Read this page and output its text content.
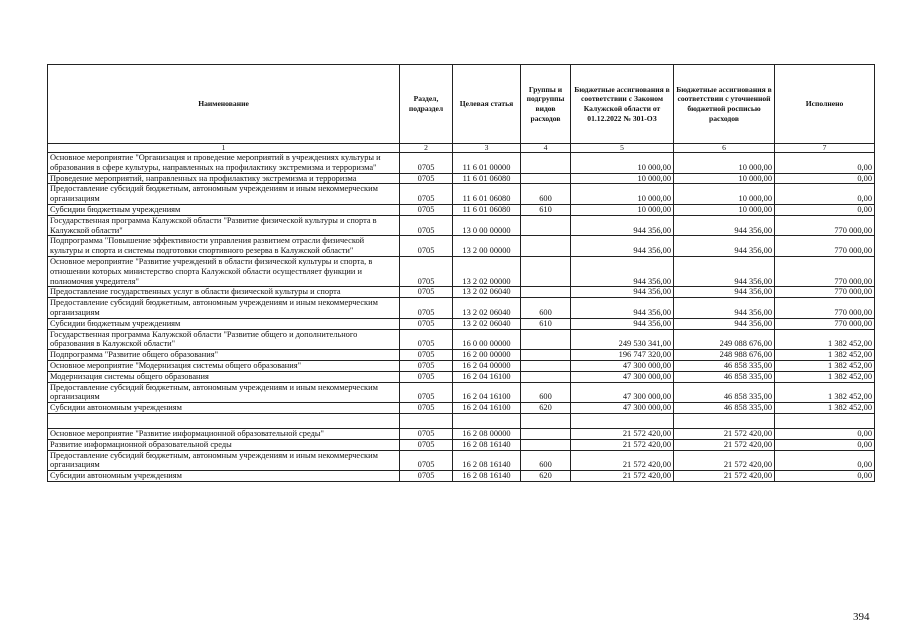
Наименование	Раздел, подраздел	Целевая статья	Группы и подгруппы видов расходов	Бюджетные ассигнования в соответствии с Законом Калужской области от 01.12.2022 № 301-ОЗ	Бюджетные ассигнования в соответствии с уточненной бюджетной росписью расходов	Исполнено
1	2	3	4	5	6	7
Основное мероприятие "Организация и проведение мероприятий в учреждениях культуры и образования в сфере культуры, направленных на профилактику экстремизма и терроризма"	0705	11 6 01 00000		10 000,00	10 000,00	0,00
Проведение мероприятий, направленных на профилактику экстремизма и терроризма	0705	11 6 01 06080		10 000,00	10 000,00	0,00
Предоставление субсидий бюджетным, автономным учреждениям и иным некоммерческим организациям	0705	11 6 01 06080	600	10 000,00	10 000,00	0,00
Субсидии бюджетным учреждениям	0705	11 6 01 06080	610	10 000,00	10 000,00	0,00
Государственная программа Калужской области "Развитие физической культуры и спорта в Калужской области"	0705	13 0 00 00000		944 356,00	944 356,00	770 000,00
Подпрограмма "Повышение эффективности управления развитием отрасли физической культуры и спорта и системы подготовки спортивного резерва в Калужской области"	0705	13 2 00 00000		944 356,00	944 356,00	770 000,00
Основное мероприятие "Развитие учреждений в области физической культуры и спорта, в отношении которых министерство спорта Калужской области осуществляет функции и полномочия учредителя"	0705	13 2 02 00000		944 356,00	944 356,00	770 000,00
Предоставление государственных услуг в области физической культуры и спорта	0705	13 2 02 06040		944 356,00	944 356,00	770 000,00
Предоставление субсидий бюджетным, автономным учреждениям и иным некоммерческим организациям	0705	13 2 02 06040	600	944 356,00	944 356,00	770 000,00
Субсидии бюджетным учреждениям	0705	13 2 02 06040	610	944 356,00	944 356,00	770 000,00
Государственная программа Калужской области "Развитие общего и дополнительного образования в Калужской области"	0705	16 0 00 00000		249 530 341,00	249 088 676,00	1 382 452,00
Подпрограмма "Развитие общего образования"	0705	16 2 00 00000		196 747 320,00	248 988 676,00	1 382 452,00
Основное мероприятие "Модернизация системы общего образования"	0705	16 2 04 00000		47 300 000,00	46 858 335,00	1 382 452,00
Модернизация системы общего образования	0705	16 2 04 16100		47 300 000,00	46 858 335,00	1 382 452,00
Предоставление субсидий бюджетным, автономным учреждениям и иным некоммерческим организациям	0705	16 2 04 16100	600	47 300 000,00	46 858 335,00	1 382 452,00
Субсидии автономным учреждениям	0705	16 2 04 16100	620	47 300 000,00	46 858 335,00	1 382 452,00

Основное мероприятие "Развитие информационной образовательной среды"	0705	16 2 08 00000		21 572 420,00	21 572 420,00	0,00
Развитие информационной образовательной среды	0705	16 2 08 16140		21 572 420,00	21 572 420,00	0,00
Предоставление субсидий бюджетным, автономным учреждениям и иным некоммерческим организациям	0705	16 2 08 16140	600	21 572 420,00	21 572 420,00	0,00
Субсидии автономным учреждениям	0705	16 2 08 16140	620	21 572 420,00	21 572 420,00	0,00
394
